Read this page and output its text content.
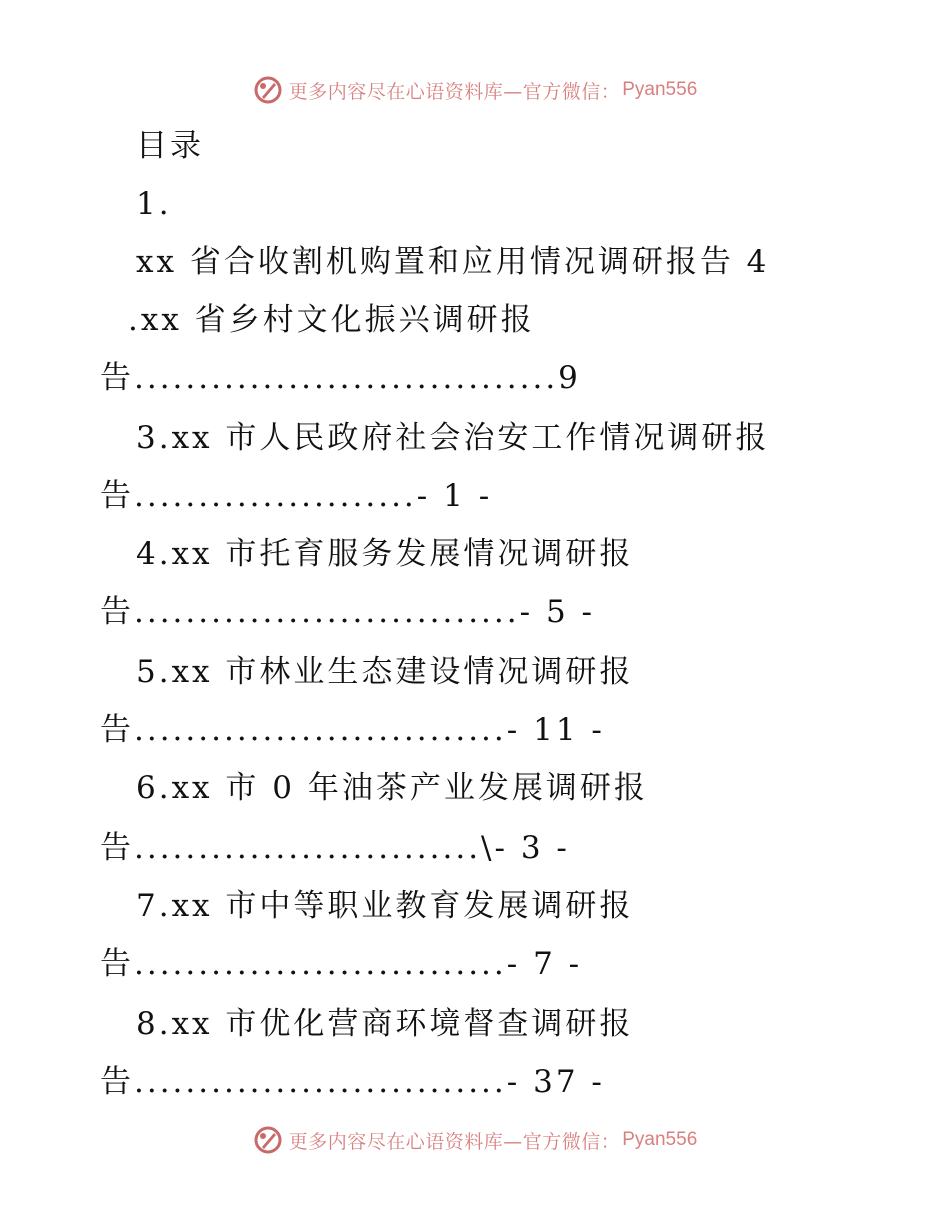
更多内容尽在心语资料库—官方微信： Pyan556
目录
1.
xx 省合收割机购置和应用情况调研报告 4
.xx 省乡村文化振兴调研报
告.................................9
3.xx 市人民政府社会治安工作情况调研报
告......................- 1 -
4.xx 市托育服务发展情况调研报
告..............................- 5 -
5.xx 市林业生态建设情况调研报
告.............................- 11 -
6.xx 市 0 年油茶产业发展调研报
告...........................\- 3 -
7.xx 市中等职业教育发展调研报
告.............................- 7 -
8.xx 市优化营商环境督查调研报
告.............................- 37 -
更多内容尽在心语资料库—官方微信： Pyan556
